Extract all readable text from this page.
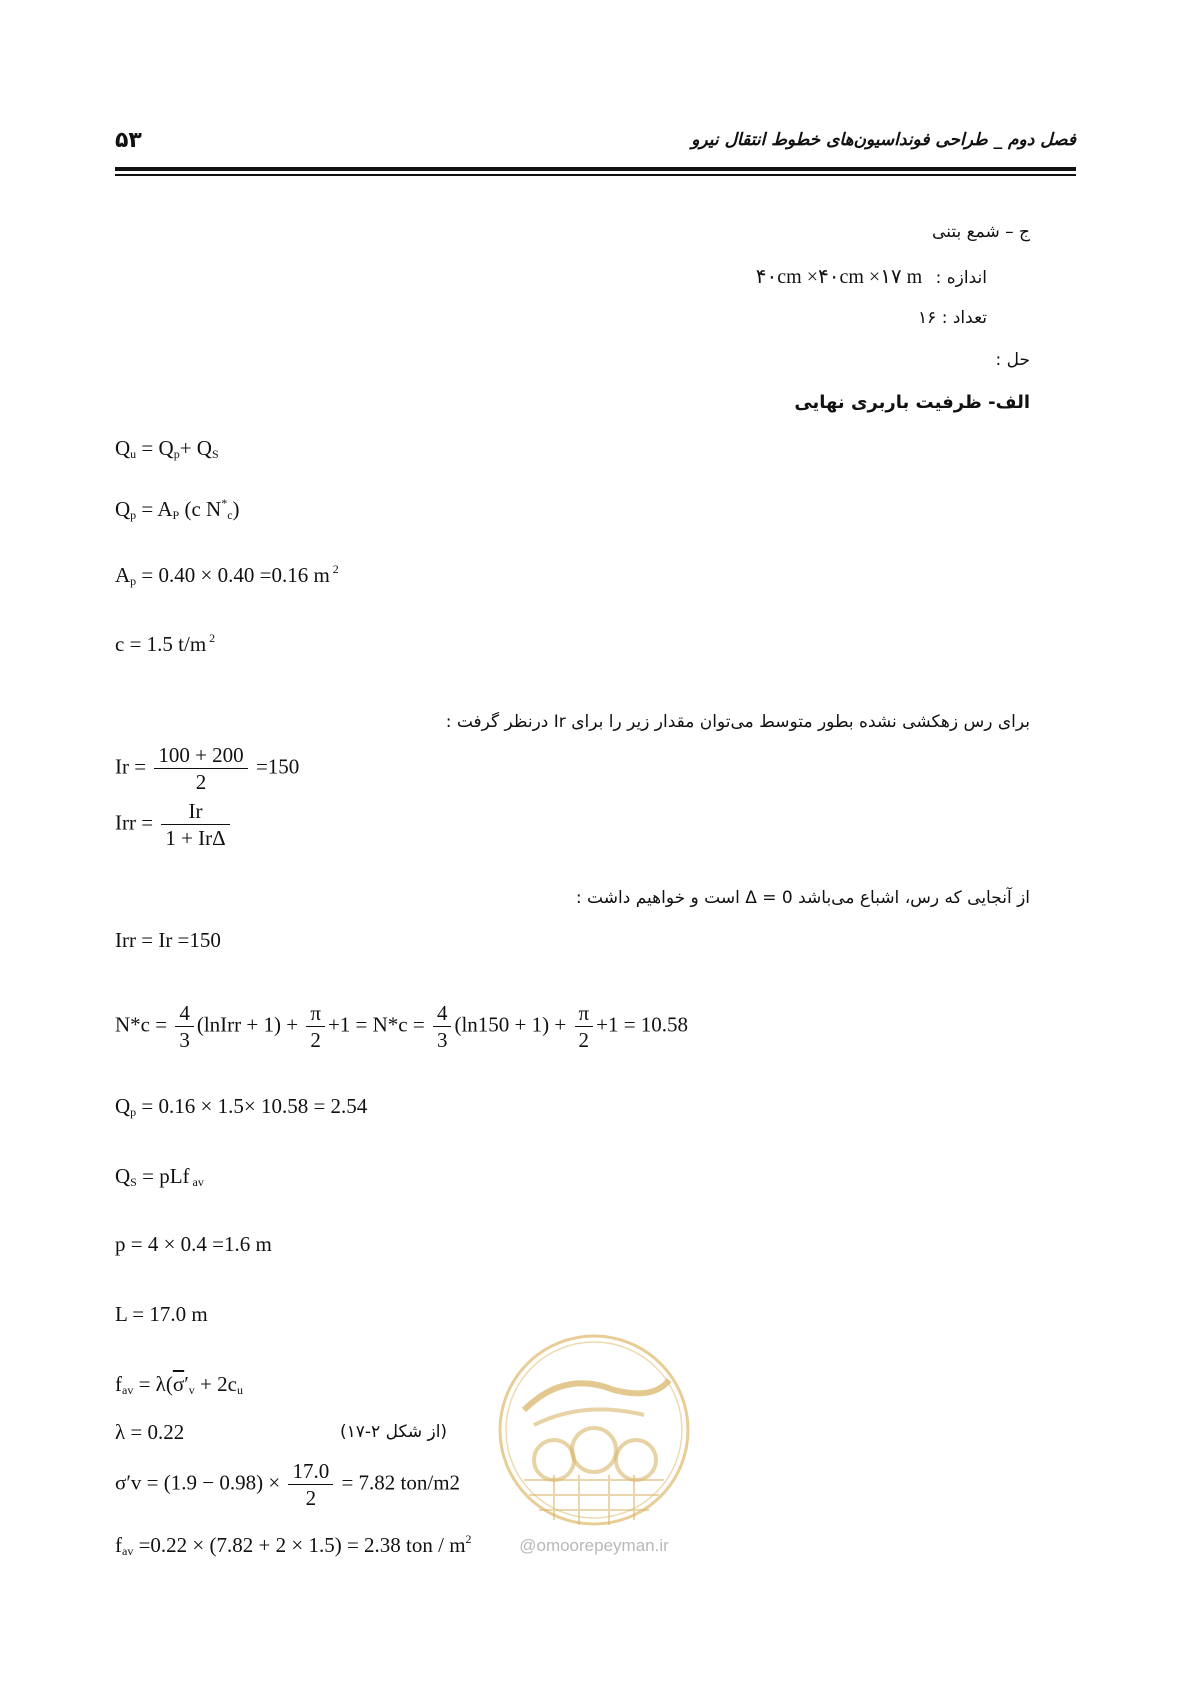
۵۳	فصل دوم _ طراحی فونداسیون‌های خطوط انتقال نیرو
ج – شمع بتنی
اندازه : ۴۰cm ×۴۰cm ×۱۷ m
تعداد : ۱۶
حل :
الف- ظرفیت باربری نهایی
$Q_u = Q_p+ Q_S$
$Q_p = A_P$ (c $N^*_c$)
$A_p = 0.40 \times 0.40 =0.16$ m $^2$
c = 1.5 t/m $^2$
برای رس زهکشی نشده بطور متوسط می‌توان مقدار زیر را برای Ir درنظر گرفت :
$Ir = \frac{100 + 200}{2} =150$
Irr = $\frac{Ir}{\text{1 + IrΔ}}$
از آنجایی که رس، اشباع می‌باشد Δ = 0 است و خواهیم داشت :
Irr = Ir =150
$N*c = \frac{4}{3}$ (lnIrr + $1) + \frac{\pi}{2} +1 = N*c = \frac{4}{3} (\ln 150 + 1) + \frac{\pi}{2} +1 = 10.58$
$Q_p = 0.16 \times 1.5\times 10.58 = 2.54$
$Q_S$ = pLf $_{av}$
p = 4 × 0.4 =1.6 m
L = 17.0 m
$f_{av} = \lambda(\overline{\sigma}'_v + 2c_u$
λ = 0.22	(از شکل ۲-۱۷)
$\sigma'v = (1.9 - 0.98) \times \frac{17.0}{2} = 7.82$ ton/m2
$f_{av} =0.22 \times (7.82 + 2 \times 1.5) = 2.38$ ton / $m^2$	@omoorepeyman.ir
